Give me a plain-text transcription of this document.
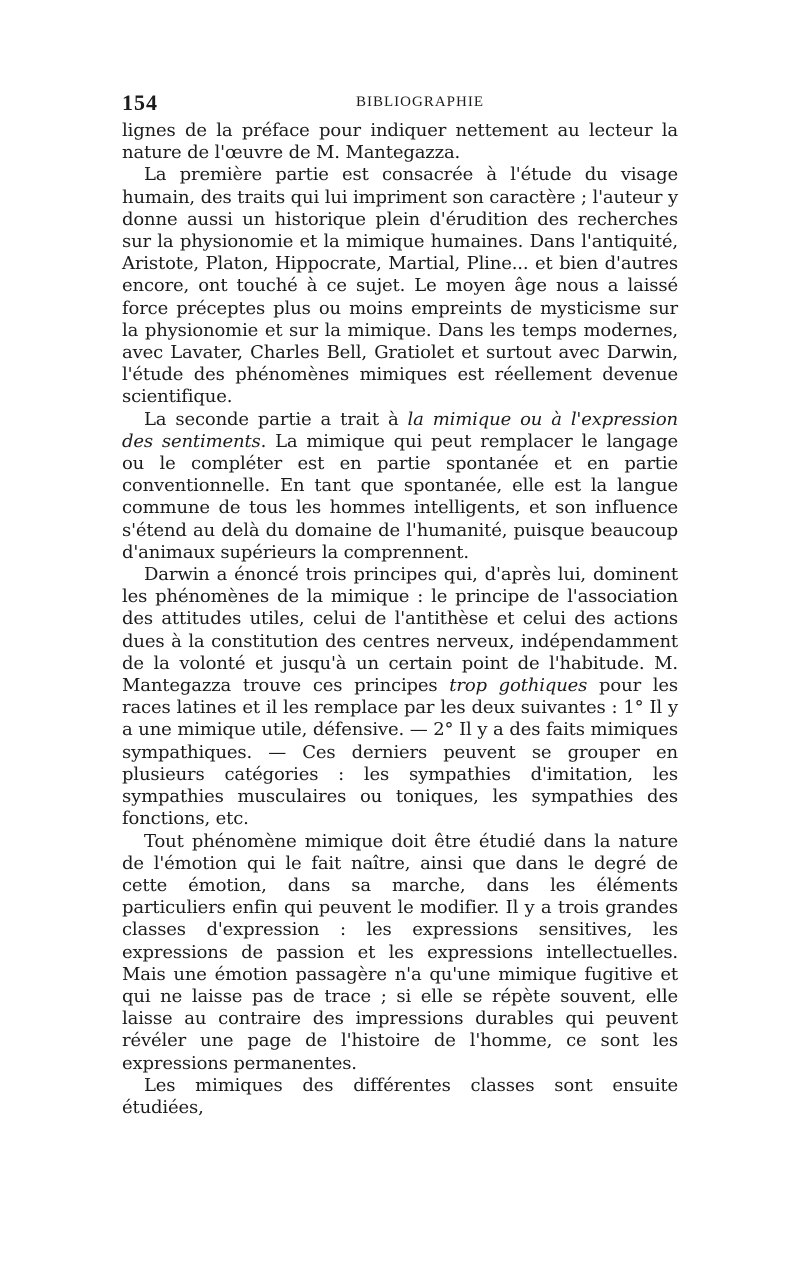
154	BIBLIOGRAPHIE

lignes de la préface pour indiquer nettement au lecteur la nature de l'œuvre de M. Mantegazza.

La première partie est consacrée à l'étude du visage humain, des traits qui lui impriment son caractère ; l'auteur y donne aussi un historique plein d'érudition des recherches sur la physionomie et la mimique humaines. Dans l'antiquité, Aristote, Platon, Hippocrate, Martial, Pline... et bien d'autres encore, ont touché à ce sujet. Le moyen âge nous a laissé force préceptes plus ou moins empreints de mysticisme sur la physionomie et sur la mimique. Dans les temps modernes, avec Lavater, Charles Bell, Gratiolet et surtout avec Darwin, l'étude des phénomènes mimiques est réellement devenue scientifique.

La seconde partie a trait à la mimique ou à l'expression des sentiments. La mimique qui peut remplacer le langage ou le compléter est en partie spontanée et en partie conventionnelle. En tant que spontanée, elle est la langue commune de tous les hommes intelligents, et son influence s'étend au delà du domaine de l'humanité, puisque beaucoup d'animaux supérieurs la comprennent.

Darwin a énoncé trois principes qui, d'après lui, dominent les phénomènes de la mimique : le principe de l'association des attitudes utiles, celui de l'antithèse et celui des actions dues à la constitution des centres nerveux, indépendamment de la volonté et jusqu'à un certain point de l'habitude. M. Mantegazza trouve ces principes trop gothiques pour les races latines et il les remplace par les deux suivantes : 1° Il y a une mimique utile, défensive. — 2° Il y a des faits mimiques sympathiques. — Ces derniers peuvent se grouper en plusieurs catégories : les sympathies d'imitation, les sympathies musculaires ou toniques, les sympathies des fonctions, etc.

Tout phénomène mimique doit être étudié dans la nature de l'émotion qui le fait naître, ainsi que dans le degré de cette émotion, dans sa marche, dans les éléments particuliers enfin qui peuvent le modifier. Il y a trois grandes classes d'expression : les expressions sensitives, les expressions de passion et les expressions intellectuelles. Mais une émotion passagère n'a qu'une mimique fugitive et qui ne laisse pas de trace ; si elle se répète souvent, elle laisse au contraire des impressions durables qui peuvent révéler une page de l'histoire de l'homme, ce sont les expressions permanentes.

Les mimiques des différentes classes sont ensuite étudiées,
